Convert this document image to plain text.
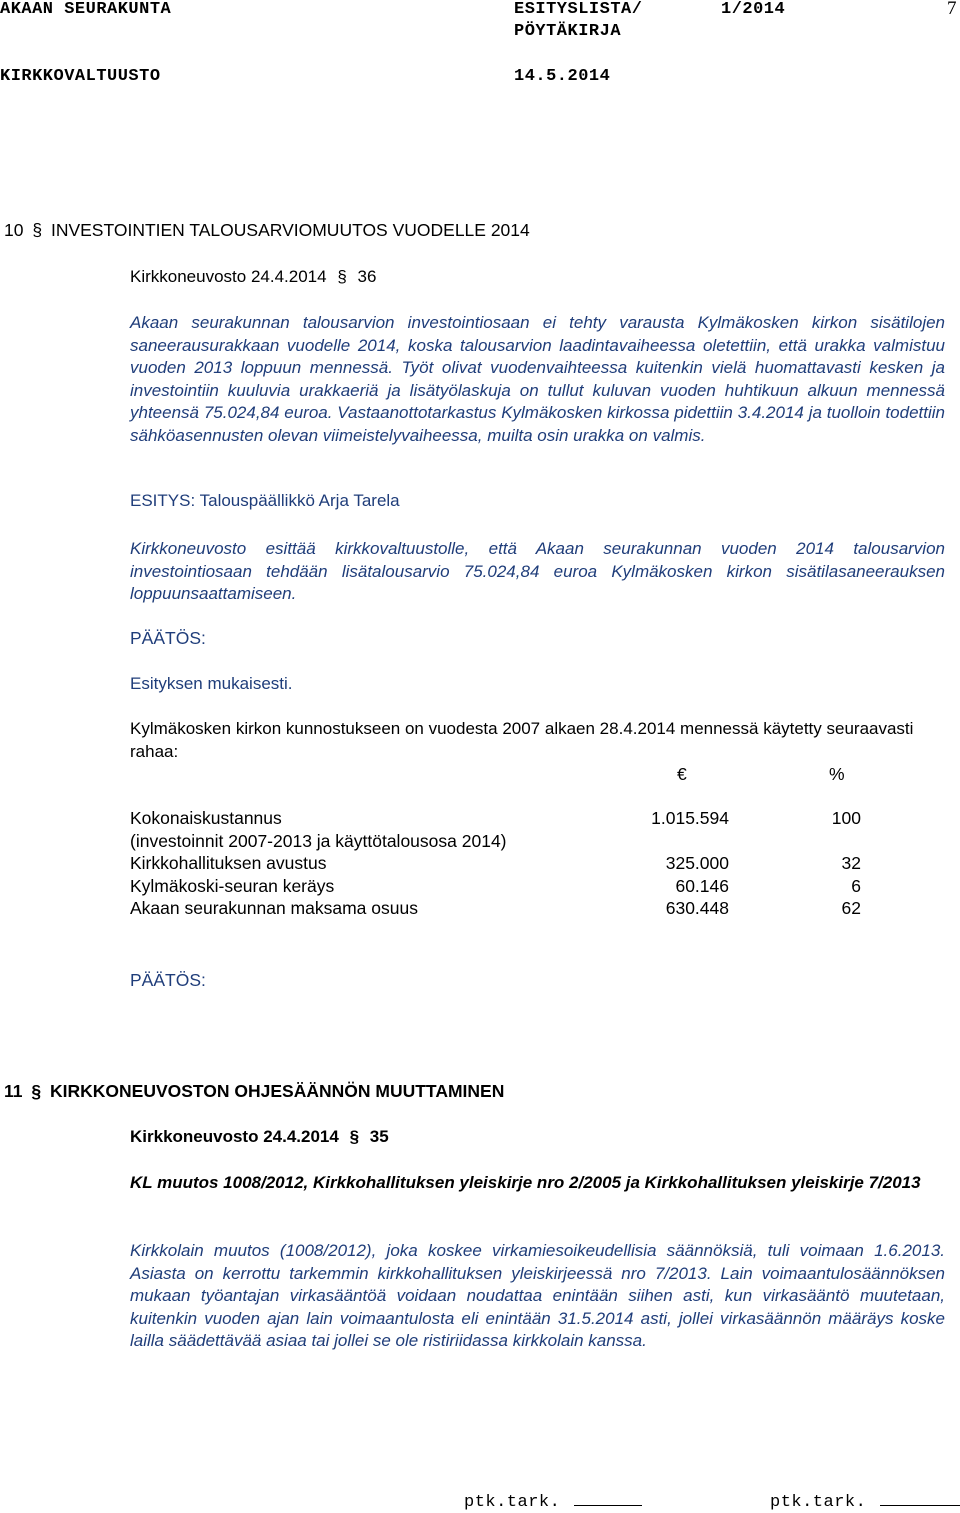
AKAAN SEURAKUNTA	ESITYSLISTA/
PÖYTÄKIRJA
1/2014	7
KIRKKOVALTUUSTO	14.5.2014
10 § INVESTOINTIEN TALOUSARVIOMUUTOS VUODELLE 2014
Kirkkoneuvosto 24.4.2014 § 36
Akaan seurakunnan talousarvion investointiosaan ei tehty varausta Kylmäkosken kirkon sisätilojen saneerausurakkaan vuodelle 2014, koska talousarvion laadintavaiheessa oletettiin, että urakka valmistuu vuoden 2013 loppuun mennessä. Työt olivat vuodenvaihteessa kuitenkin vielä huomattavasti kesken ja investointiin kuuluvia urakkaeriä ja lisätyölaskuja on tullut kuluvan vuoden huhtikuun alkuun mennessä yhteensä 75.024,84 euroa. Vastaanottotarkastus Kylmäkosken kirkossa pidettiin 3.4.2014 ja tuolloin todettiin sähköasennusten olevan viimeistelyvaiheessa, muilta osin urakka on valmis.
ESITYS: Talouspäällikkö Arja Tarela
Kirkkoneuvosto esittää kirkkovaltuustolle, että Akaan seurakunnan vuoden 2014 talousarvion investointiosaan tehdään lisätalousarvio 75.024,84 euroa Kylmäkosken kirkon sisätilasaneerauksen loppuunsaattamiseen.
PÄÄTÖS:
Esityksen mukaisesti.
Kylmäkosken kirkon kunnostukseen on vuodesta 2007 alkaen 28.4.2014 mennessä käytetty seuraavasti rahaa:
€	%
Kokonaiskustannus	1.015.594	100
(investoinnit 2007-2013 ja käyttötalousosa 2014)
Kirkkohallituksen avustus	325.000	32
Kylmäkoski-seuran keräys	60.146	6
Akaan seurakunnan maksama osuus	630.448	62
PÄÄTÖS:
11 § KIRKKONEUVOSTON OHJESÄÄNNÖN MUUTTAMINEN
Kirkkoneuvosto 24.4.2014 § 35
KL muutos 1008/2012, Kirkkohallituksen yleiskirje nro 2/2005 ja Kirkkohallituksen yleiskirje 7/2013
Kirkkolain muutos (1008/2012), joka koskee virkamiesoikeudellisia säännöksiä, tuli voimaan 1.6.2013. Asiasta on kerrottu tarkemmin kirkkohallituksen yleiskirjeessä nro 7/2013. Lain voimaantulosäännöksen mukaan työantajan virkasääntöä voidaan noudattaa enintään siihen asti, kun virkasääntö muutetaan, kuitenkin vuoden ajan lain voimaantulosta eli enintään 31.5.2014 asti, jollei virkasäännön määräys koske lailla säädettävää asiaa tai jollei se ole ristiriidassa kirkkolain kanssa.
ptk.tark.	ptk.tark.
